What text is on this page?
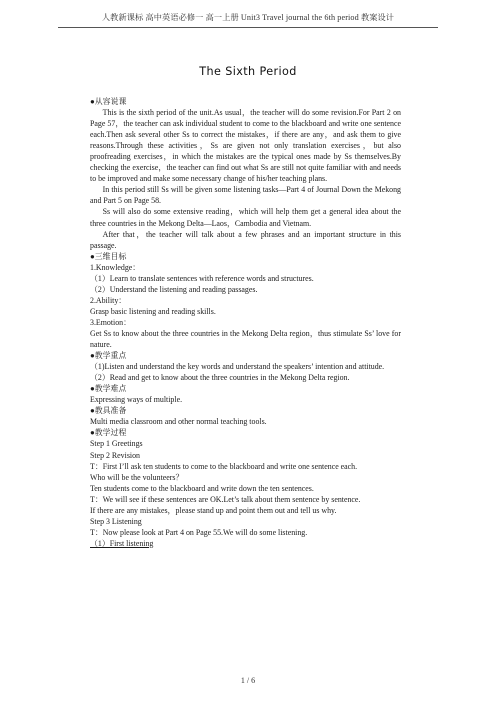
人教新课标 高中英语必修一 高一上册 Unit3 Travel journal the 6th period 教案设计
The Sixth Period

●从容说课

This is the sixth period of the unit.As usual，the teacher will do some revision.For Part 2 on Page 57，the teacher can ask individual student to come to the blackboard and write one sentence each.Then ask several other Ss to correct the mistakes，if there are any，and ask them to give reasons.Through these activities，Ss are given not only translation exercises，but also proofreading exercises，in which the mistakes are the typical ones made by Ss themselves.By checking the exercise，the teacher can find out what Ss are still not quite familiar with and needs to be improved and make some necessary change of his/her teaching plans.

In this period still Ss will be given some listening tasks—Part 4 of Journal Down the Mekong and Part 5 on Page 58.

Ss will also do some extensive reading，which will help them get a general idea about the three countries in the Mekong Delta—Laos，Cambodia and Vietnam.

After that，the teacher will talk about a few phrases and an important structure in this passage.

●三维目标

1.Knowledge：

（1）Learn to translate sentences with reference words and structures.

（2）Understand the listening and reading passages.

2.Ability：

Grasp basic listening and reading skills.

3.Emotion：

Get Ss to know about the three countries in the Mekong Delta region，thus stimulate Ss’ love for nature.

●教学重点

（1)Listen and understand the key words and understand the speakers’ intention and attitude.

（2）Read and get to know about the three countries in the Mekong Delta region.

●教学难点

Expressing ways of multiple.

●教具准备

Multi media classroom and other normal teaching tools.

●教学过程

Step 1 Greetings

Step 2 Revision

T：First I’ll ask ten students to come to the blackboard and write one sentence each.

Who will be the volunteers？

Ten students come to the blackboard and write down the ten sentences.

T：We will see if these sentences are OK.Let’s talk about them sentence by sentence.

If there are any mistakes，please stand up and point them out and tell us why.

Step 3 Listening

T：Now please look at Part 4 on Page 55.We will do some listening.

（1）First listening

1 / 6
